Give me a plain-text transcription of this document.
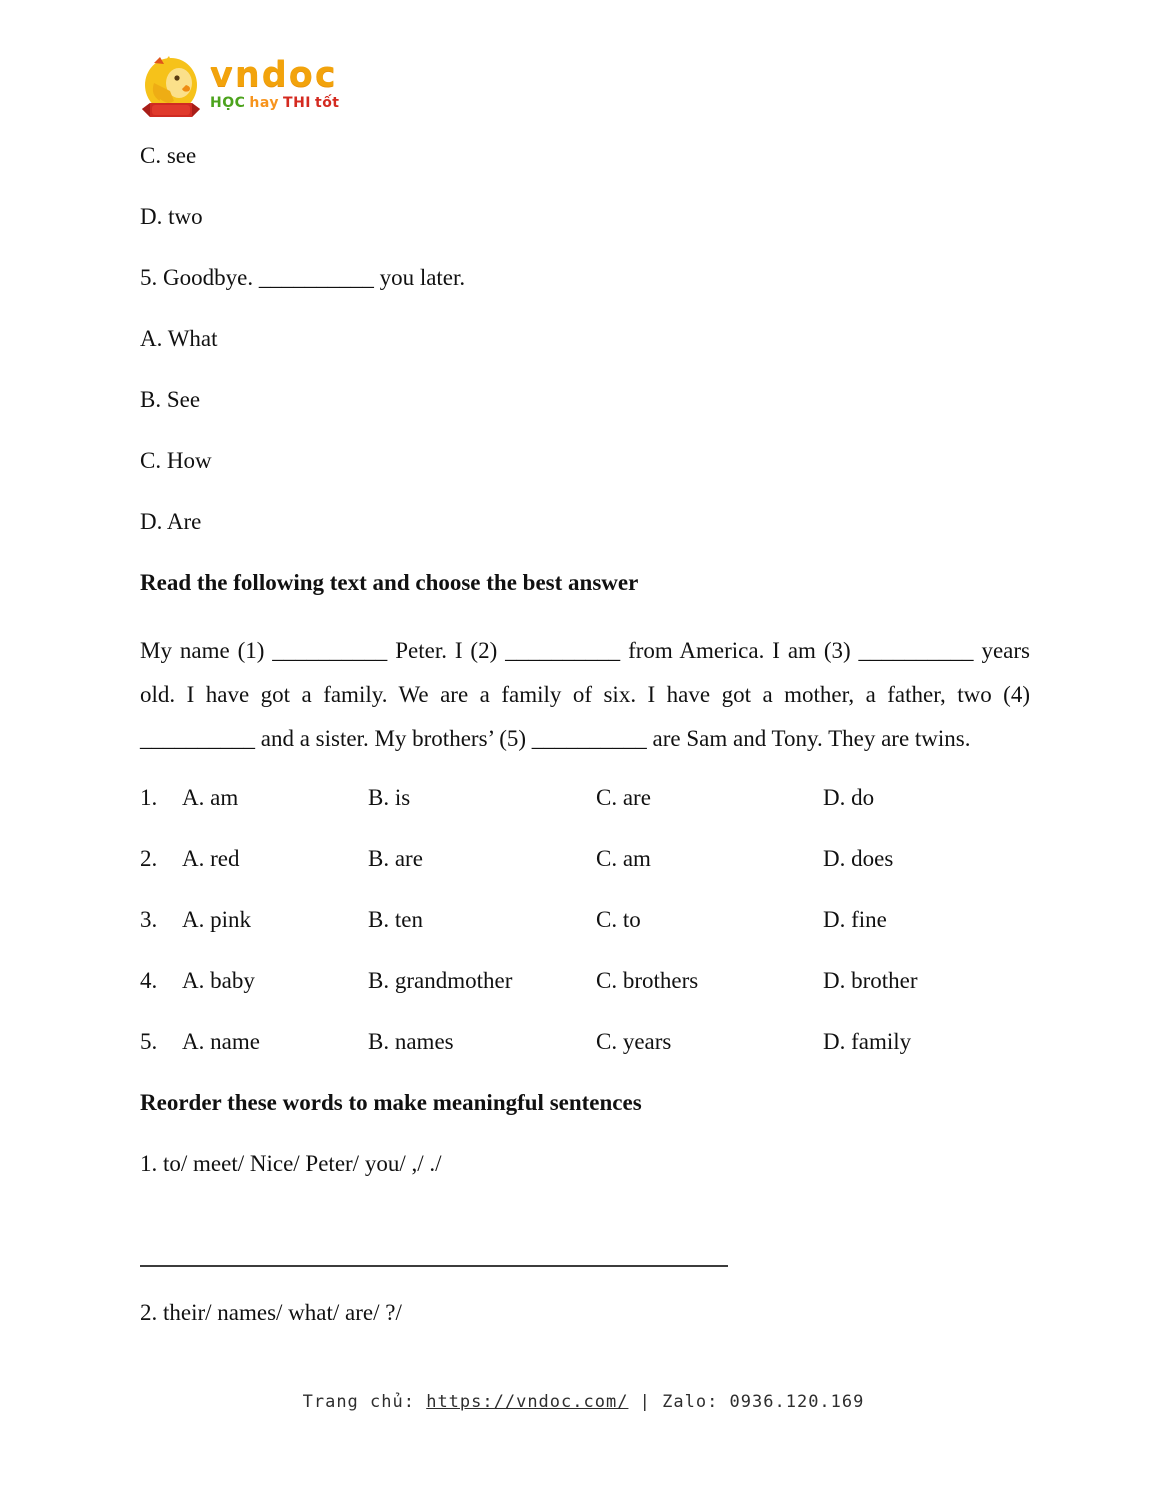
vndoc
HỌC hay THI tốt

C. see

D. two

5. Goodbye. __________ you later.

A. What

B. See

C. How

D. Are

Read the following text and choose the best answer

My name (1) __________ Peter. I (2) __________ from America. I am (3) __________ years old. I have got a family. We are a family of six. I have got a mother, a father, two (4) __________ and a sister. My brothers’ (5) __________ are Sam and Tony. They are twins.

1.	A. am	B. is	C. are	D. do
2.	A. red	B. are	C. am	D. does
3.	A. pink	B. ten	C. to	D. fine
4.	A. baby	B. grandmother	C. brothers	D. brother
5.	A. name	B. names	C. years	D. family

Reorder these words to make meaningful sentences

1. to/ meet/ Nice/ Peter/ you/ ,/ ./

2. their/ names/ what/ are/ ?/

Trang chủ: https://vndoc.com/ | Zalo: 0936.120.169
